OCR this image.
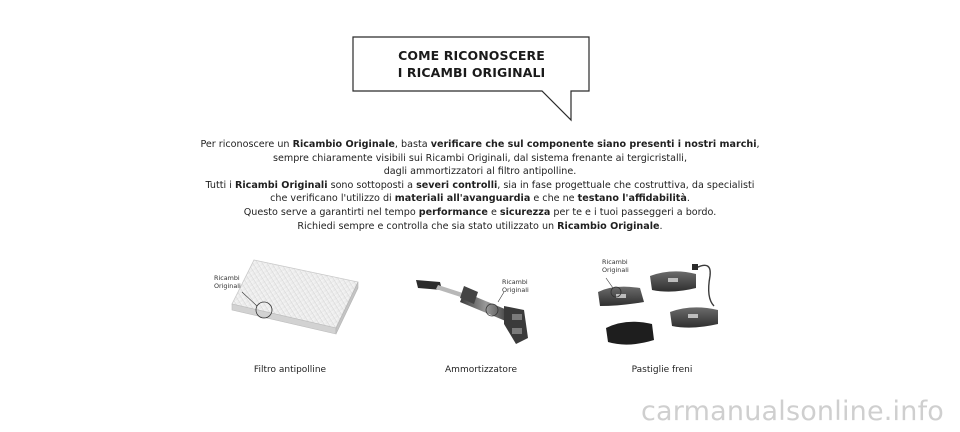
COME RICONOSCERE
I RICAMBI ORIGINALI
Per riconoscere un Ricambio Originale, basta verificare che sul componente siano presenti i nostri marchi,
sempre chiaramente visibili sui Ricambi Originali, dal sistema frenante ai tergicristalli,
dagli ammortizzatori al filtro antipolline.
Tutti i Ricambi Originali sono sottoposti a severi controlli, sia in fase progettuale che costruttiva, da specialisti
che verificano l'utilizzo di materiali all'avanguardia e che ne testano l'affidabilità.
Questo serve a garantirti nel tempo performance e sicurezza per te e i tuoi passeggeri a bordo.
Richiedi sempre e controlla che sia stato utilizzato un Ricambio Originale.
Ricambi
Originali
Filtro antipolline
Ricambi
Originali
Ammortizzatore
Ricambi
Originali
Pastiglie freni
carmanualsonline.info
